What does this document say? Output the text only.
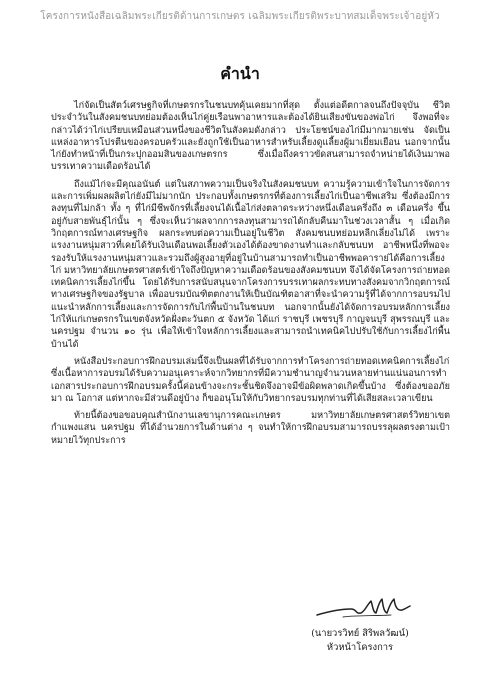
โครงการหนังสือเฉลิมพระเกียรติด้านการเกษตร เฉลิมพระเกียรติพระบาทสมเด็จพระเจ้าอยู่หัว
คำนำ

ไก่จัดเป็นสัตว์เศรษฐกิจที่เกษตรกรในชนบทคุ้นเคยมากที่สุด ตั้งแต่อดีตกาลจนถึงปัจจุบัน ชีวิตประจำวันในสังคมชนบทย่อมต้องเห็นไก่คู่ยเรือนพาอาหารและต้องได้ยินเสียงขันของพ่อไก่ จึงพอที่จะกล่าวได้ว่าไก่เปรียบเหมือนส่วนหนึ่งของชีวิตในสังคมดังกล่าว ประโยชน์ของไก่มีมากมายเช่น จัดเป็นแหล่งอาหารโปรตีนของครอบครัวและยังถูกใช้เป็นอาหารสำหรับเลี้ยงดูแลี้ยงผู้มาเยี่ยมเยือน นอกจากนั้นไก่ยังทำหน้าที่เป็นกระปุกออมสินของเกษตรกร ซึ่งเมื่อถึงคราวขัดสนสามารถจำหน่ายได้เงินมาพอบรรเทาความเดือดร้อนได้

ถึงแม้ไก่จะมีคุณอนันต์ แต่ในสภาพความเป็นจริงในสังคมชนบท ความรู้ความเข้าใจในการจัดการและการเพิ่มผลผลิตไก่ยังมีไม่มากนัก ประกอบทั้งเกษตรกรที่ต้องการเลี้ยงไก่เป็นอาชีพเสริม ซึ่งต้องมีการลงทุนที่ไม่กล้า ทั้ง ๆ ที่ไก่มีชีพจักรที่เลี้ยงจนได้เนื้อไก่ส่งตลาดระหว่างหนึ่งเดือนครึ่งถึง ๓ เดือนครึ่ง ขึ้นอยู่กับสายพันธุ์ไก่นั้น ๆ ซึ่งจะเห็นว่าผลจากการลงทุนสามารถได้กลับคืนมาในช่วงเวลาสั้น ๆ เมื่อเกิดวิกฤตการณ์ทางเศรษฐกิจ ผลกระทบต่อความเป็นอยู่ในชีวิต สังคมชนบทย่อมหลีกเลี่ยงไม่ได้ เพราะแรงงานหนุ่มสาวที่เคยได้รับเงินเดือนพอเลี้ยงตัวเองได้ต้องขาดงานทำและกลับชนบท อาชีพหนึ่งที่พอจะรองรับให้แรงงานหนุ่มสาวและรวมถึงผู้สูงอายุที่อยู่ในบ้านสามารถทำเป็นอาชีพพอคาราย่ได้คือการเลี้ยงไก่ มหาวิทยาลัยเกษตรศาสตร์เข้าใจถึงปัญหาความเดือดร้อนของสังคมชนบท จึงได้จัดโครงการถ่ายทอดเทคนิคการเลี้ยงไก่ขึ้น โดยได้รับการสนับสนุนจากโครงการบรรเทาผลกระทบทางสังคมจากวิกฤตการณ์ทางเศรษฐกิจของรัฐบาล เพื่ออบรมบัณฑิตตกงานให้เป็นบัณฑิตอาสาที่จะนำความรู้ที่ได้จากการอบรมไปแนะนำหลักการเลี้ยงและการจัดการกับไก่พื้นบ้านในชนบท นอกจากนั้นยังได้จัดการอบรมหลักการเลี้ยงไก่ให้แก่เกษตรกรในเขตจังหวัดฝั่งตะวันตก ๕ จังหวัด ได้แก่ ราชบุรี เพชรบุรี กาญจนบุรี สุพรรณบุรี และ นครปฐม จำนวน ๑๐ รุ่น เพื่อให้เข้าใจหลักการเลี้ยงและสามารถนำเทคนิคไปปรับใช้กับการเลี้ยงไก่พื้นบ้านได้

หนังสือประกอบการฝึกอบรมเล่มนี้จึงเป็นผลที่ได้รับจากการทำโครงการถ่ายทอดเทคนิคการเลี้ยงไก่ ซึ่งเนื้อหาการอบรมได้รับความอนุเคราะห์จากวิทยากรที่มีความชำนาญจำนวนหลายท่านแน่นอนการทำเอกสารประกอบการฝึกอบรมครั้งนี้ค่อนข้างจะกระชั้นชิดจึงอาจมีข้อผิดพลาดเกิดขึ้นบ้าง ซึ่งต้องขออภัยมา ณ โอกาส แต่หากจะมีส่วนดีอยู่บ้าง ก็ขออนุโมให้กับวิทยากรอบรมทุกท่านที่ได้เสียสละเวลาเขียน

ท้ายนี้ต้องขอขอบคุณสำนักงานเลขานุการคณะเกษตร มหาวิทยาลัยเกษตรศาสตร์วิทยาเขตกำแพงแสน นครปฐม ที่ได้อำนวยการในด้านต่าง ๆ จนทำให้การฝึกอบรมสามารถบรรลุผลตรงตามเป้าหมายไว้ทุกประการ

(นายวรวิทย์ สิริพลวัฒน์)
หัวหน้าโครงการ
